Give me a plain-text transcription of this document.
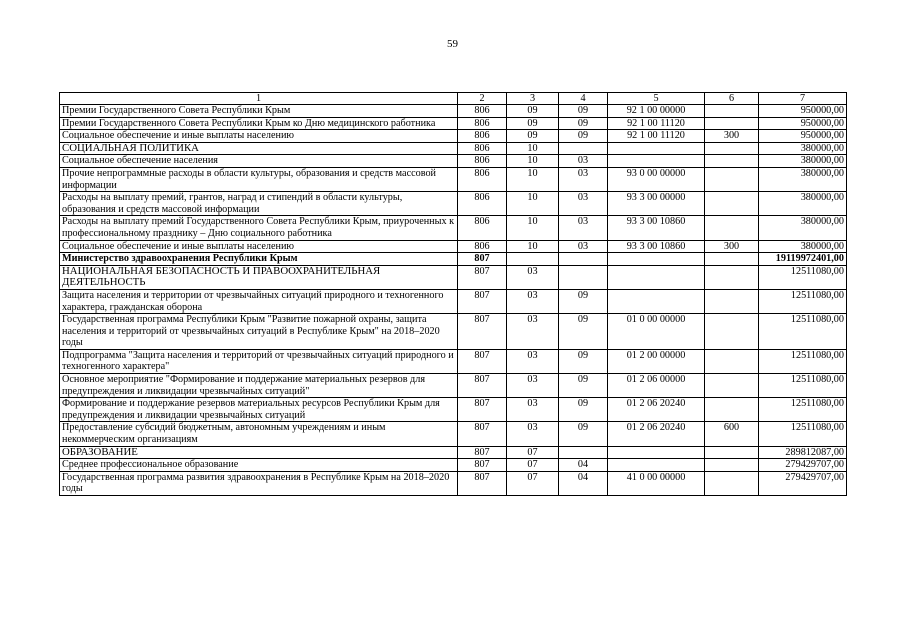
59
1	2	3	4	5	6	7
Премии Государственного Совета Республики Крым	806	09	09	92 1 00 00000		950000,00
Премии Государственного Совета Республики Крым ко Дню медицинского работника	806	09	09	92 1 00 11120		950000,00
Социальное обеспечение и иные выплаты населению	806	09	09	92 1 00 11120	300	950000,00
СОЦИАЛЬНАЯ ПОЛИТИКА	806	10				380000,00
Социальное обеспечение населения	806	10	03			380000,00
Прочие непрограммные расходы в области культуры, образования и средств массовой информации	806	10	03	93 0 00 00000		380000,00
Расходы на выплату премий, грантов, наград и стипендий в области культуры, образования и средств массовой информации	806	10	03	93 3 00 00000		380000,00
Расходы на выплату премий Государственного Совета Республики Крым, приуроченных к профессиональному празднику – Дню социального работника	806	10	03	93 3 00 10860		380000,00
Социальное обеспечение и иные выплаты населению	806	10	03	93 3 00 10860	300	380000,00
Министерство здравоохранения Республики Крым	807					19119972401,00
НАЦИОНАЛЬНАЯ БЕЗОПАСНОСТЬ И ПРАВООХРАНИТЕЛЬНАЯ ДЕЯТЕЛЬНОСТЬ	807	03				12511080,00
Защита населения и территории от чрезвычайных ситуаций природного и техногенного характера, гражданская оборона	807	03	09			12511080,00
Государственная программа Республики Крым "Развитие пожарной охраны, защита населения и территорий от чрезвычайных ситуаций в Республике Крым" на 2018–2020 годы	807	03	09	01 0 00 00000		12511080,00
Подпрограмма "Защита населения и территорий от чрезвычайных ситуаций природного и техногенного характера"	807	03	09	01 2 00 00000		12511080,00
Основное мероприятие "Формирование и поддержание материальных резервов для предупреждения и ликвидации чрезвычайных ситуаций"	807	03	09	01 2 06 00000		12511080,00
Формирование и поддержание резервов материальных ресурсов Республики Крым для предупреждения и ликвидации чрезвычайных ситуаций	807	03	09	01 2 06 20240		12511080,00
Предоставление субсидий бюджетным, автономным учреждениям и иным некоммерческим организациям	807	03	09	01 2 06 20240	600	12511080,00
ОБРАЗОВАНИЕ	807	07				289812087,00
Среднее профессиональное образование	807	07	04			279429707,00
Государственная программа развития здравоохранения в Республике Крым на 2018–2020 годы	807	07	04	41 0 00 00000		279429707,00
